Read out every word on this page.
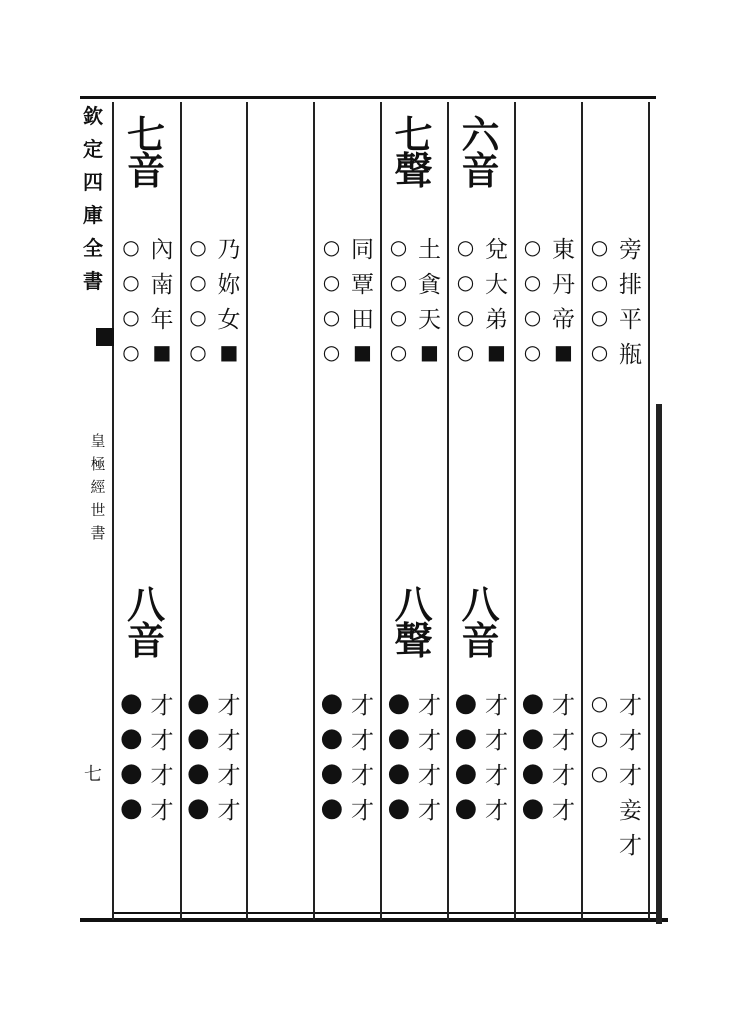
欽
定
四
庫
全
書
皇
極
經
世
書
七
○ 旁
○ 排
○ 平
○ 瓶
○ 才
○ 才
○ 才
妾
才
○ 東
○ 丹
○ 帝
○ ■
● 才
● 才
● 才
● 才
六
音
八
音
○ 兌
○ 大
○ 弟
○ ■
● 才
● 才
● 才
● 才
七
聲
八
聲
○ 土
○ 貪
○ 天
○ ■
● 才
● 才
● 才
● 才
○ 同
○ 覃
○ 田
○ ■
● 才
● 才
● 才
● 才
○ 乃
○ 妳
○ 女
○ ■
● 才
● 才
● 才
● 才
七
音
八
音
○ 內
○ 南
○ 年
○ ■
● 才
● 才
● 才
● 才
